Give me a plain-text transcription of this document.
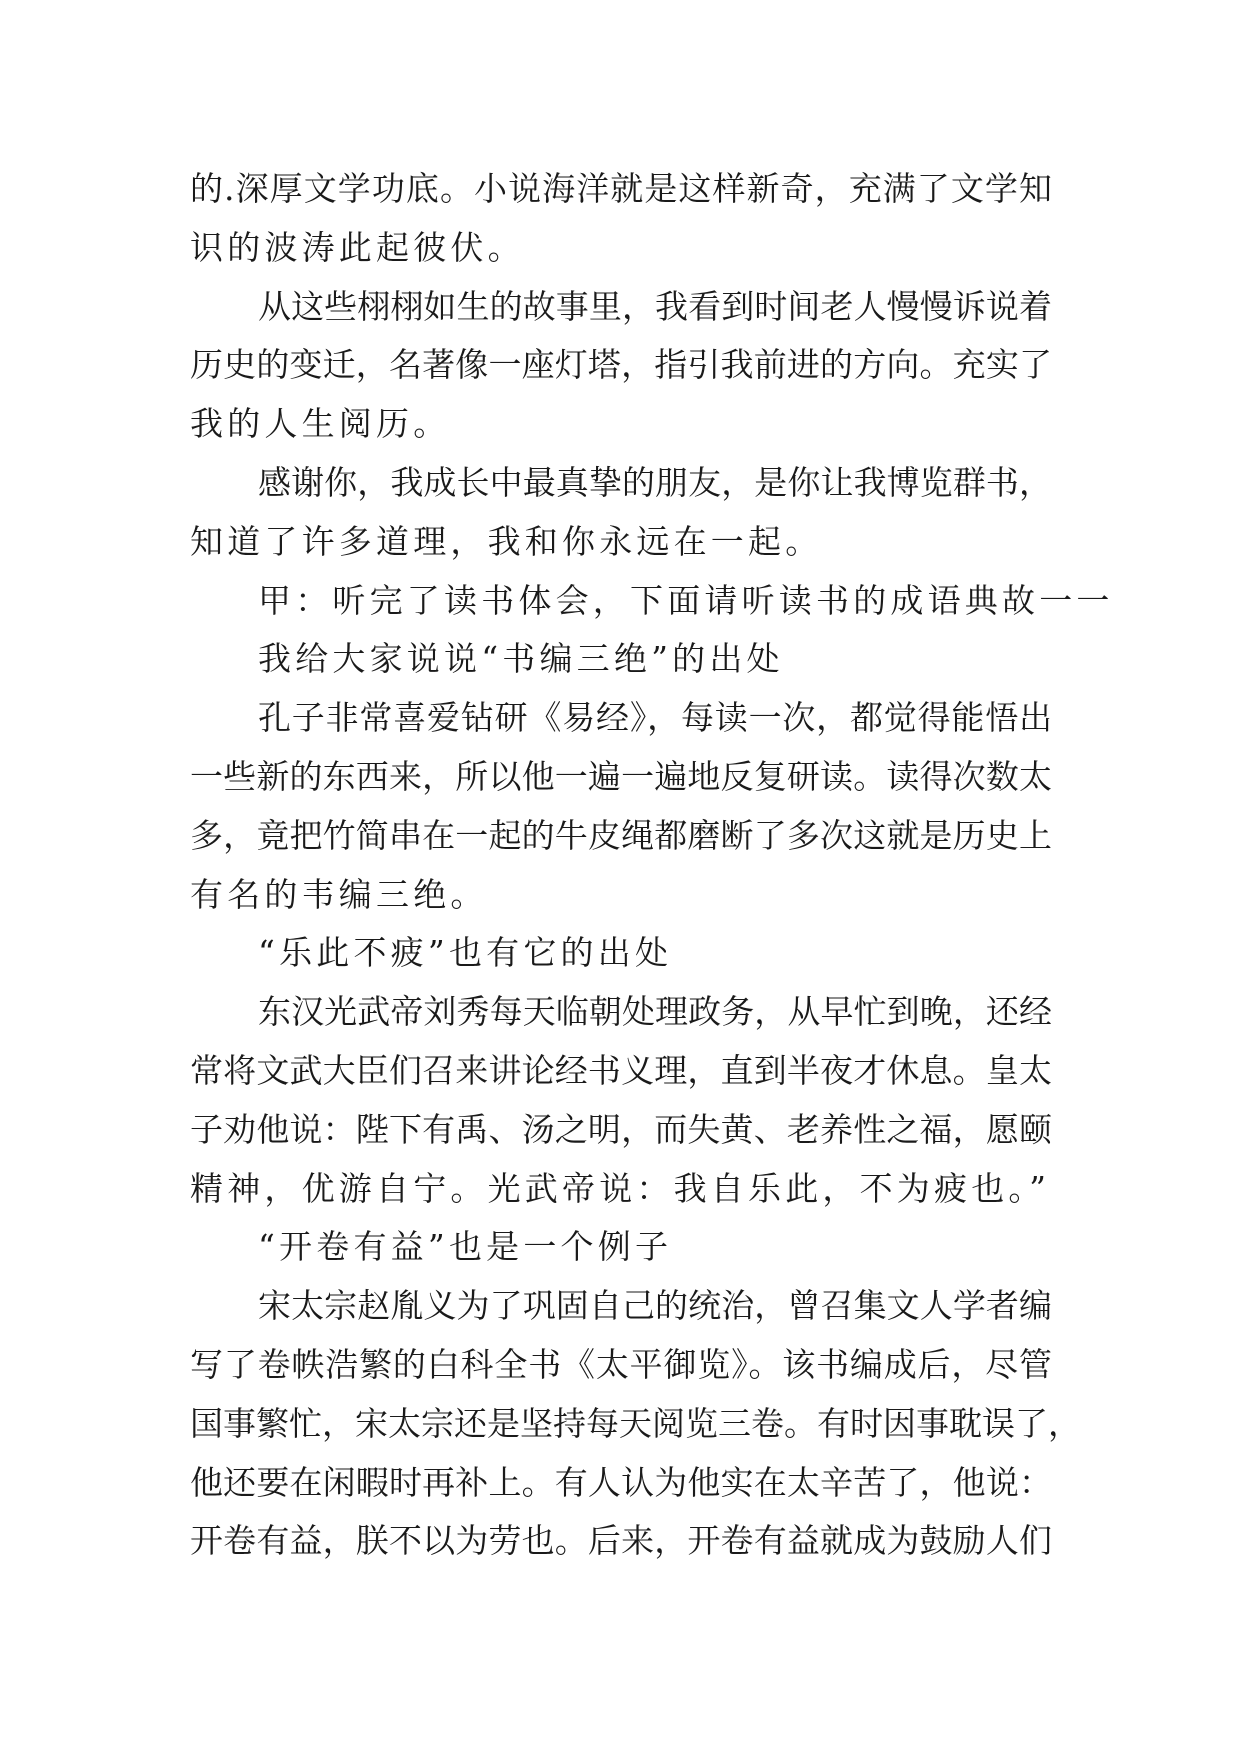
的.深厚文学功底。小说海洋就是这样新奇，充满了文学知
识的波涛此起彼伏。
从这些栩栩如生的故事里，我看到时间老人慢慢诉说着
历史的变迁，名著像一座灯塔，指引我前进的方向。充实了
我的人生阅历。
感谢你，我成长中最真挚的朋友，是你让我博览群书，
知道了许多道理，我和你永远在一起。
甲：听完了读书体会，下面请听读书的成语典故一一
我给大家说说“书编三绝”的出处
孔子非常喜爱钻研《易经》，每读一次，都觉得能悟出
一些新的东西来，所以他一遍一遍地反复研读。读得次数太
多，竟把竹简串在一起的牛皮绳都磨断了多次这就是历史上
有名的韦编三绝。
“乐此不疲”也有它的出处
东汉光武帝刘秀每天临朝处理政务，从早忙到晚，还经
常将文武大臣们召来讲论经书义理，直到半夜才休息。皇太
子劝他说：陛下有禹、汤之明，而失黄、老养性之福，愿颐
精神，优游自宁。光武帝说：我自乐此，不为疲也。”
“开卷有益”也是一个例子
宋太宗赵胤义为了巩固自己的统治，曾召集文人学者编
写了卷帙浩繁的白科全书《太平御览》。该书编成后，尽管
国事繁忙，宋太宗还是坚持每天阅览三卷。有时因事耽误了，
他还要在闲暇时再补上。有人认为他实在太辛苦了，他说：
开卷有益，朕不以为劳也。后来，开卷有益就成为鼓励人们
